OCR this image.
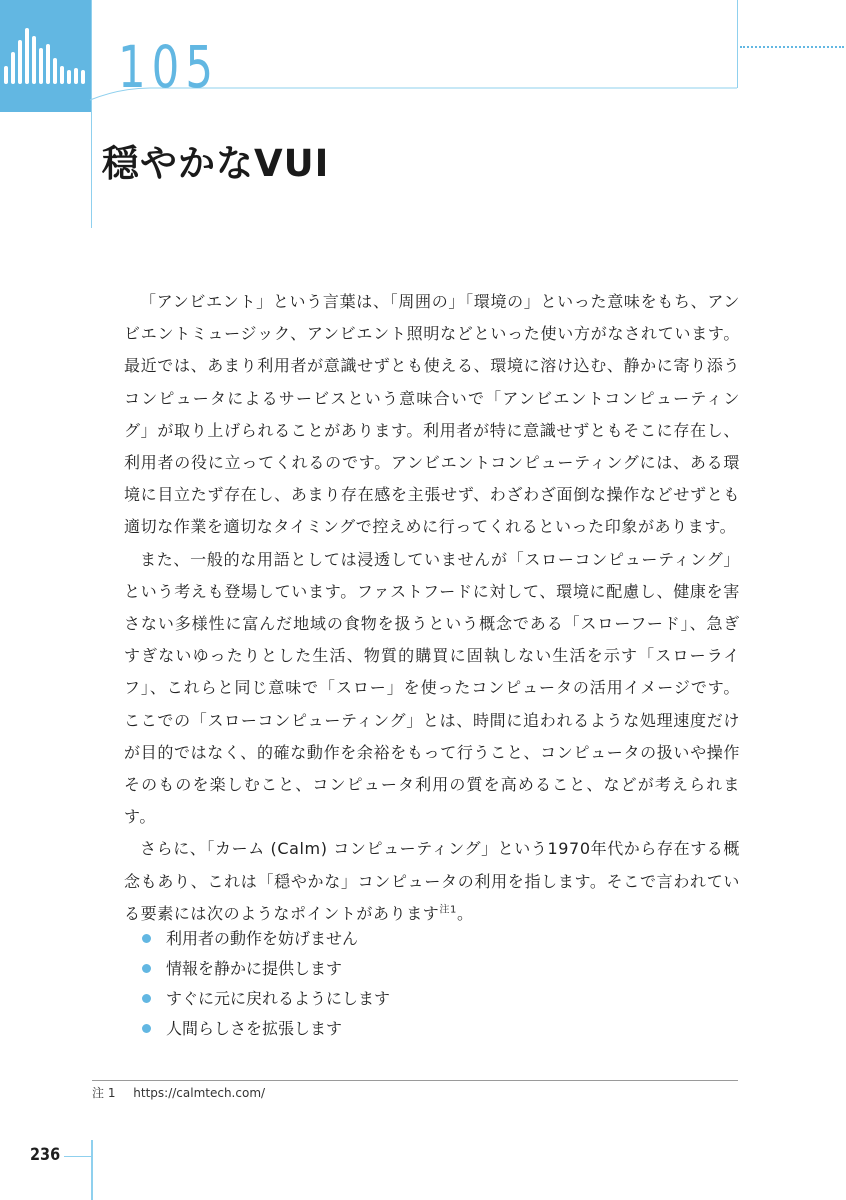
105
穏やかなVUI

「アンビエント」という言葉は、「周囲の」「環境の」といった意味をもち、アンビエントミュージック、アンビエント照明などといった使い方がなされています。最近では、あまり利用者が意識せずとも使える、環境に溶け込む、静かに寄り添うコンピュータによるサービスという意味合いで「アンビエントコンピューティング」が取り上げられることがあります。利用者が特に意識せずともそこに存在し、利用者の役に立ってくれるのです。アンビエントコンピューティングには、ある環境に目立たず存在し、あまり存在感を主張せず、わざわざ面倒な操作などせずとも適切な作業を適切なタイミングで控えめに行ってくれるといった印象があります。

また、一般的な用語としては浸透していませんが「スローコンピューティング」という考えも登場しています。ファストフードに対して、環境に配慮し、健康を害さない多様性に富んだ地域の食物を扱うという概念である「スローフード」、急ぎすぎないゆったりとした生活、物質的購買に固執しない生活を示す「スローライフ」、これらと同じ意味で「スロー」を使ったコンピュータの活用イメージです。ここでの「スローコンピューティング」とは、時間に追われるような処理速度だけが目的ではなく、的確な動作を余裕をもって行うこと、コンピュータの扱いや操作そのものを楽しむこと、コンピュータ利用の質を高めること、などが考えられます。

さらに、「カーム (Calm) コンピューティング」という1970年代から存在する概念もあり、これは「穏やかな」コンピュータの利用を指します。そこで言われている要素には次のようなポイントがあります$^{注1}$。

利用者の動作を妨げません
情報を静かに提供します
すぐに元に戻れるようにします
人間らしさを拡張します
注 1 https://calmtech.com/
236
